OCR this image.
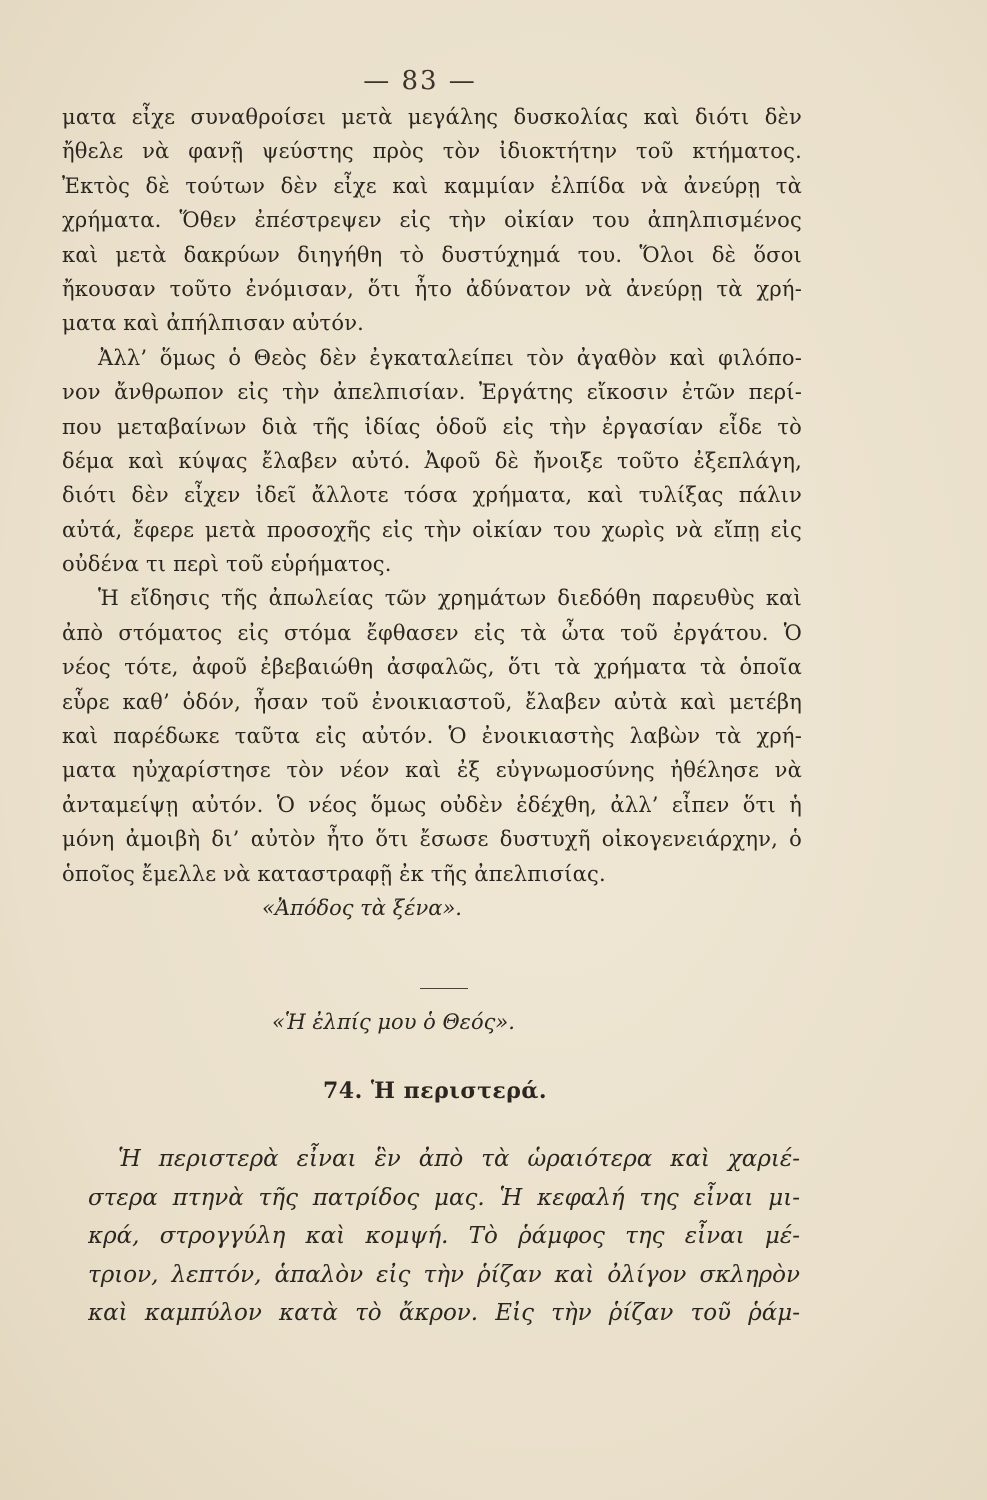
— 83 —
ματα εἶχε συναθροίσει μετὰ μεγάλης δυσκολίας καὶ διότι δὲν
ἤθελε νὰ φανῇ ψεύστης πρὸς τὸν ἰδιοκτήτην τοῦ κτήματος.
Ἐκτὸς δὲ τούτων δὲν εἶχε καὶ καμμίαν ἐλπίδα νὰ ἀνεύρῃ τὰ
χρήματα. Ὅθεν ἐπέστρεψεν εἰς τὴν οἰκίαν του ἀπηλπισμένος
καὶ μετὰ δακρύων διηγήθη τὸ δυστύχημά του. Ὅλοι δὲ ὅσοι
ἤκουσαν τοῦτο ἐνόμισαν, ὅτι ἦτο ἀδύνατον νὰ ἀνεύρῃ τὰ χρή-
ματα καὶ ἀπήλπισαν αὐτόν.
Ἀλλ’ ὅμως ὁ Θεὸς δὲν ἐγκαταλείπει τὸν ἀγαθὸν καὶ φιλόπο-
νον ἄνθρωπον εἰς τὴν ἀπελπισίαν. Ἐργάτης εἴκοσιν ἐτῶν περί-
που μεταβαίνων διὰ τῆς ἰδίας ὁδοῦ εἰς τὴν ἐργασίαν εἶδε τὸ
δέμα καὶ κύψας ἔλαβεν αὐτό. Ἀφοῦ δὲ ἤνοιξε τοῦτο ἐξεπλάγη,
διότι δὲν εἶχεν ἰδεῖ ἄλλοτε τόσα χρήματα, καὶ τυλίξας πάλιν
αὐτά, ἔφερε μετὰ προσοχῆς εἰς τὴν οἰκίαν του χωρὶς νὰ εἴπῃ εἰς
οὐδένα τι περὶ τοῦ εὑρήματος.
Ἡ εἴδησις τῆς ἀπωλείας τῶν χρημάτων διεδόθη παρευθὺς καὶ
ἀπὸ στόματος εἰς στόμα ἔφθασεν εἰς τὰ ὦτα τοῦ ἐργάτου. Ὁ
νέος τότε, ἀφοῦ ἐβεβαιώθη ἀσφαλῶς, ὅτι τὰ χρήματα τὰ ὁποῖα
εὗρε καθ’ ὁδόν, ἦσαν τοῦ ἐνοικιαστοῦ, ἔλαβεν αὐτὰ καὶ μετέβη
καὶ παρέδωκε ταῦτα εἰς αὐτόν. Ὁ ἐνοικιαστὴς λαβὼν τὰ χρή-
ματα ηὐχαρίστησε τὸν νέον καὶ ἐξ εὐγνωμοσύνης ἠθέλησε νὰ
ἀνταμείψῃ αὐτόν. Ὁ νέος ὅμως οὐδὲν ἐδέχθη, ἀλλ’ εἶπεν ὅτι ἡ
μόνη ἀμοιβὴ δι’ αὐτὸν ἦτο ὅτι ἔσωσε δυστυχῆ οἰκογενειάρχην, ὁ
ὁποῖος ἔμελλε νὰ καταστραφῇ ἐκ τῆς ἀπελπισίας.
«Ἀπόδος τὰ ξένα».
«Ἡ ἐλπίς μου ὁ Θεός».
74. Ἡ περιστερά.
Ἡ περιστερὰ εἶναι ἓν ἀπὸ τὰ ὡραιότερα καὶ χαριέ-
στερα πτηνὰ τῆς πατρίδος μας. Ἡ κεφαλή της εἶναι μι-
κρά, στρογγύλη καὶ κομψή. Τὸ ῥάμφος της εἶναι μέ-
τριον, λεπτόν, ἁπαλὸν εἰς τὴν ῥίζαν καὶ ὀλίγον σκληρὸν
καὶ καμπύλον κατὰ τὸ ἄκρον. Εἰς τὴν ῥίζαν τοῦ ῥάμ-
